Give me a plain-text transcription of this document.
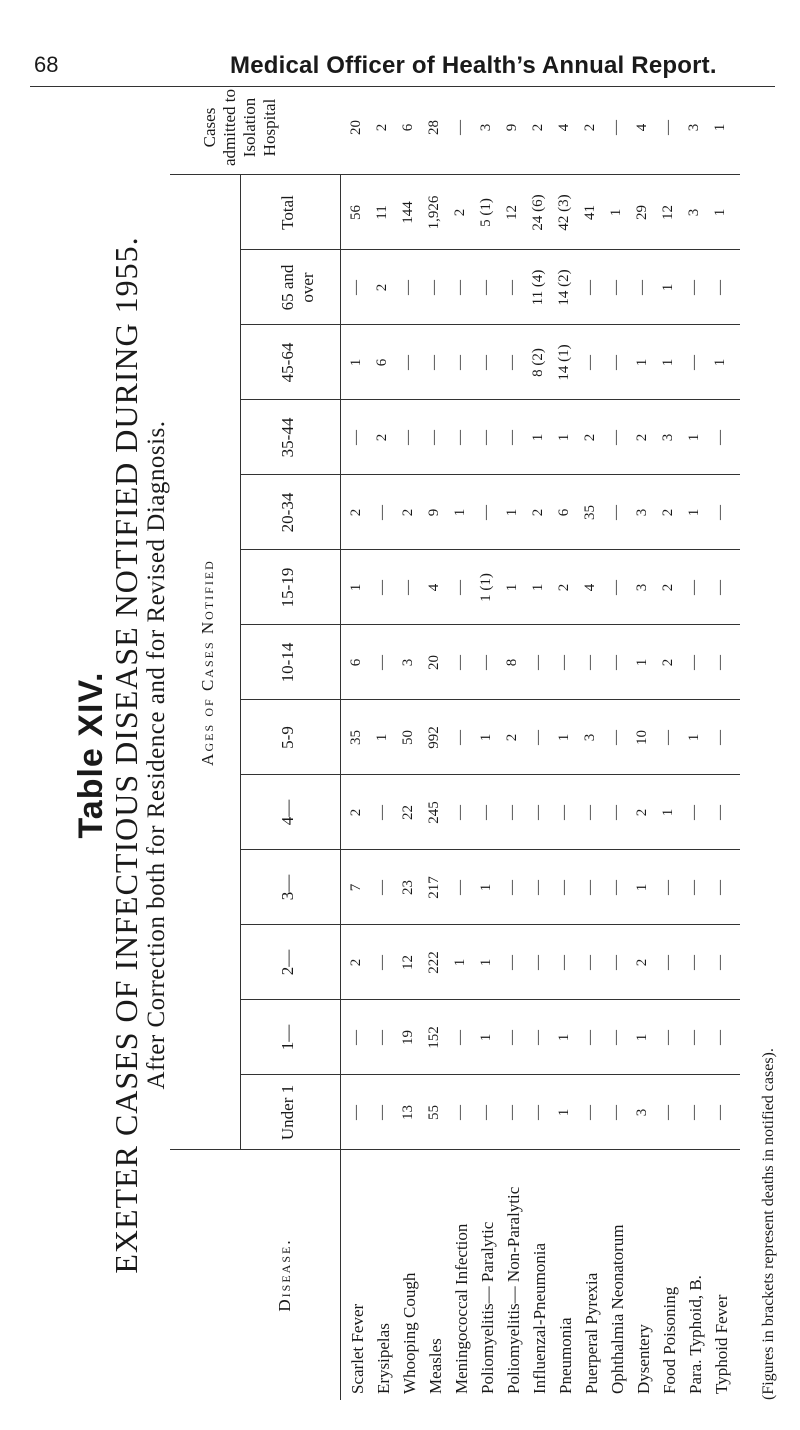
68	Medical Officer of Health’s Annual Report.
Table XIV.
EXETER CASES OF INFECTIOUS DISEASE NOTIFIED DURING 1955. After Correction both for Residence and for Revised Diagnosis.
Disease.
Ages of Cases Notified
Cases admitted to Isolation Hospital
Under 1
1—
2—
3—
4—
5-9
10-14
15-19
20-34
35-44
45-64
65 and over
Total
Scarlet Fever
—
—
2
7
2
35
6
1
2
—
1
—
56
20
Erysipelas
—
—
—
—
—
1
—
—
—
2
6
2
11
2
Whooping Cough
13
19
12
23
22
50
3
—
2
—
—
—
144
6
Measles
55
152
222
217
245
992
20
4
9
—
—
—
1,926
28
Meningococcal Infection
—
—
1
—
—
—
—
—
1
—
—
—
2
—
Poliomyelitis— Paralytic
—
1
1
1
—
1
—
1 (1)
—
—
—
—
5 (1)
3
Poliomyelitis— Non-Paralytic
—
—
—
—
—
2
8
1
1
—
—
—
12
9
Influenzal-Pneumonia
—
—
—
—
—
—
—
1
2
1
8 (2)
11 (4)
24 (6)
2
Pneumonia
1
1
—
—
—
1
—
2
6
1
14 (1)
14 (2)
42 (3)
4
Puerperal Pyrexia
—
—
—
—
—
3
—
4
35
2
—
—
41
2
Ophthalmia Neonatorum
—
—
—
—
—
—
—
—
—
—
—
—
1
—
Dysentery
3
1
2
1
2
10
1
3
3
2
1
—
29
4
Food Poisoning
—
—
—
—
1
—
2
2
2
3
1
1
12
—
Para. Typhoid, B.
—
—
—
—
—
1
—
—
1
1
—
—
3
3
Typhoid Fever
—
—
—
—
—
—
—
—
—
—
1
—
1
1
(Figures in brackets represent deaths in notified cases).
